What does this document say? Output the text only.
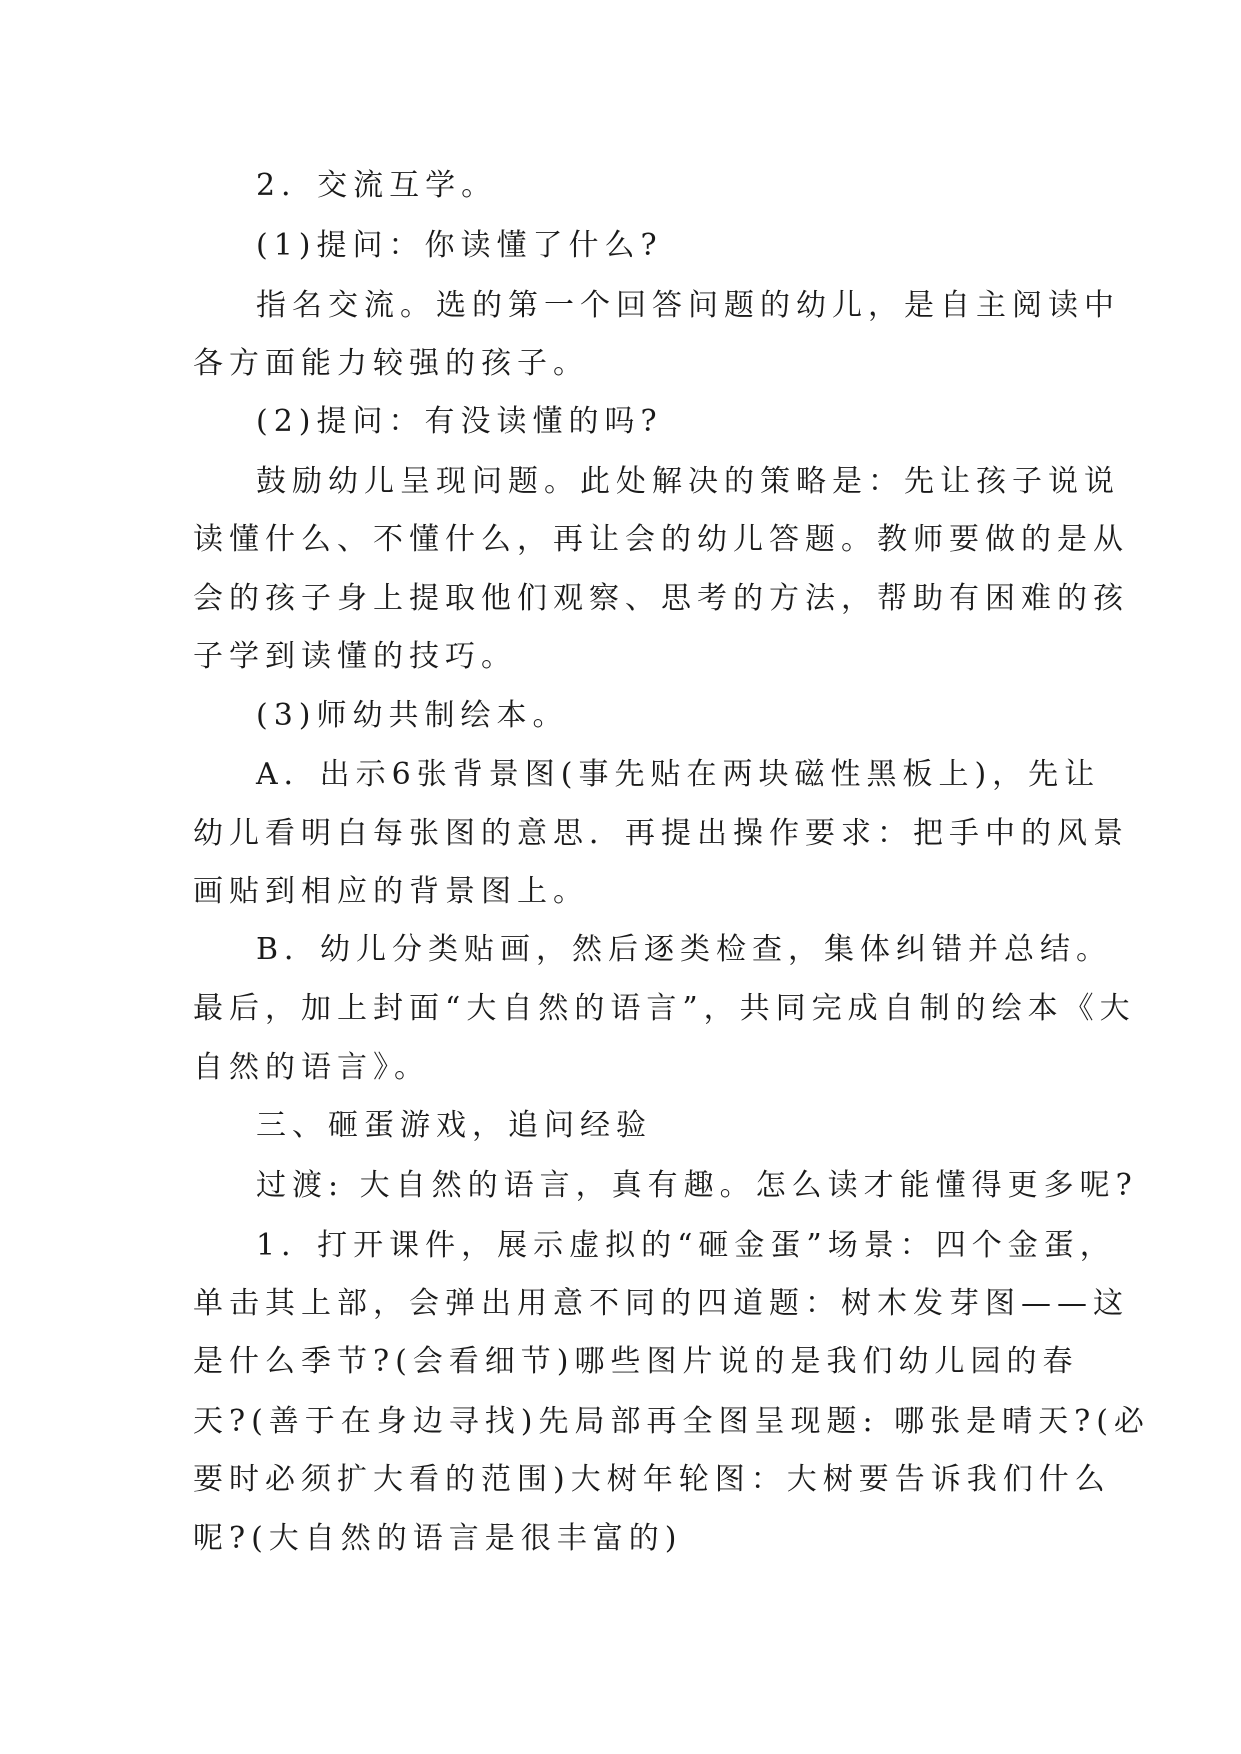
2．交流互学。

(1)提问：你读懂了什么?

指名交流。选的第一个回答问题的幼儿，是自主阅读中

各方面能力较强的孩子。

(2)提问：有没读懂的吗?

鼓励幼儿呈现问题。此处解决的策略是：先让孩子说说

读懂什么、不懂什么，再让会的幼儿答题。教师要做的是从

会的孩子身上提取他们观察、思考的方法，帮助有困难的孩

子学到读懂的技巧。

(3)师幼共制绘本。

A．出示6张背景图(事先贴在两块磁性黑板上)，先让

幼儿看明白每张图的意思．再提出操作要求：把手中的风景

画贴到相应的背景图上。

B．幼儿分类贴画，然后逐类检查，集体纠错并总结。

最后，加上封面“大自然的语言”，共同完成自制的绘本《大

自然的语言》。

三、砸蛋游戏，追问经验

过渡: 大自然的语言，真有趣。怎么读才能懂得更多呢?

1．打开课件，展示虚拟的“砸金蛋”场景：四个金蛋，

单击其上部，会弹出用意不同的四道题：树木发芽图——这

是什么季节?(会看细节)哪些图片说的是我们幼儿园的春

天?(善于在身边寻找)先局部再全图呈现题: 哪张是晴天?(必

要时必须扩大看的范围)大树年轮图：大树要告诉我们什么

呢?(大自然的语言是很丰富的)
